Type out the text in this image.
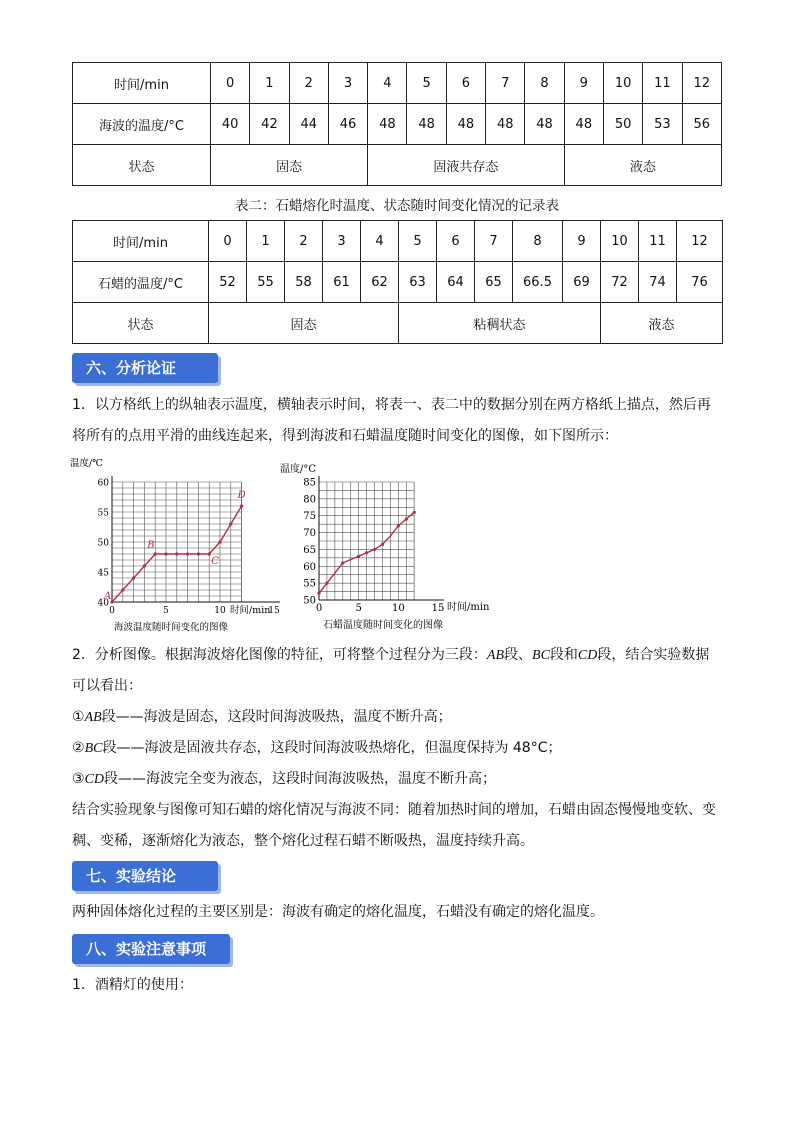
时间/min	0	1	2	3	4	5	6	7	8	9	10	11	12
海波的温度/°C	40	42	44	46	48	48	48	48	48	48	50	53	56
状态	固态				固液共存态					液态			
表二：石蜡熔化时温度、状态随时间变化情况的记录表
时间/min	0	1	2	3	4	5	6	7	8	9	10	11	12
石蜡的温度/°C	52	55	58	61	62	63	64	65	66.5	69	72	74	76
状态	固态					粘稠状态					液态		
六、分析论证
1．以方格纸上的纵轴表示温度，横轴表示时间，将表一、表二中的数据分别在两方格纸上描点，然后再将所有的点用平滑的曲线连起来，得到海波和石蜡温度随时间变化的图像，如下图所示：
温度/℃
时间/min
海波温度随时间变化的图像
0	5	10	15
40
45
50
55
60
A
B
C
D
温度/°C
时间/min
石蜡温度随时间变化的图像
0	5	10	15
50
55
60
65
70
75
80
85
2．分析图像。根据海波熔化图像的特征，可将整个过程分为三段：AB段、BC段和CD段，结合实验数据可以看出：
①AB段——海波是固态，这段时间海波吸热，温度不断升高；
②BC段——海波是固液共存态，这段时间海波吸热熔化，但温度保持为 48°C；
③CD段——海波完全变为液态，这段时间海波吸热，温度不断升高；
结合实验现象与图像可知石蜡的熔化情况与海波不同：随着加热时间的增加，石蜡由固态慢慢地变软、变稠、变稀，逐渐熔化为液态，整个熔化过程石蜡不断吸热，温度持续升高。
七、实验结论
两种固体熔化过程的主要区别是：海波有确定的熔化温度，石蜡没有确定的熔化温度。
八、实验注意事项
1．酒精灯的使用：
